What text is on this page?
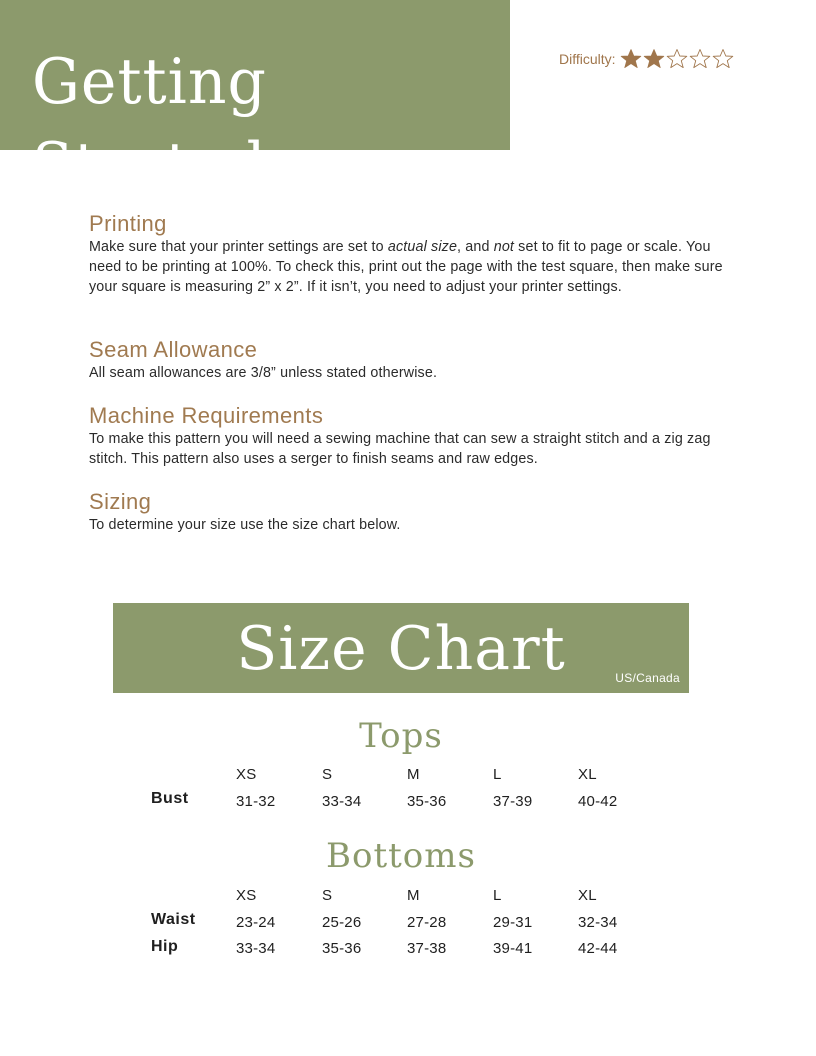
Getting Started
Difficulty:
Printing

Make sure that your printer settings are set to actual size, and not set to fit to page or scale. You need to be printing at 100%. To check this, print out the page with the test square, then make sure your square is measuring 2” x 2”. If it isn’t, you need to adjust your printer settings.

Seam Allowance

All seam allowances are 3/8” unless stated otherwise.

Machine Requirements

To make this pattern you will need a sewing machine that can sew a straight stitch and a zig zag stitch. This pattern also uses a serger to finish seams and raw edges.

Sizing

To determine your size use the size chart below.

Size Chart	US/Canada
Tops
XS	S	M	L	XL
Bust	31-32	33-34	35-36	37-39	40-42
Bottoms
XS	S	M	L	XL
Waist	23-24	25-26	27-28	29-31	32-34
Hip	33-34	35-36	37-38	39-41	42-44
